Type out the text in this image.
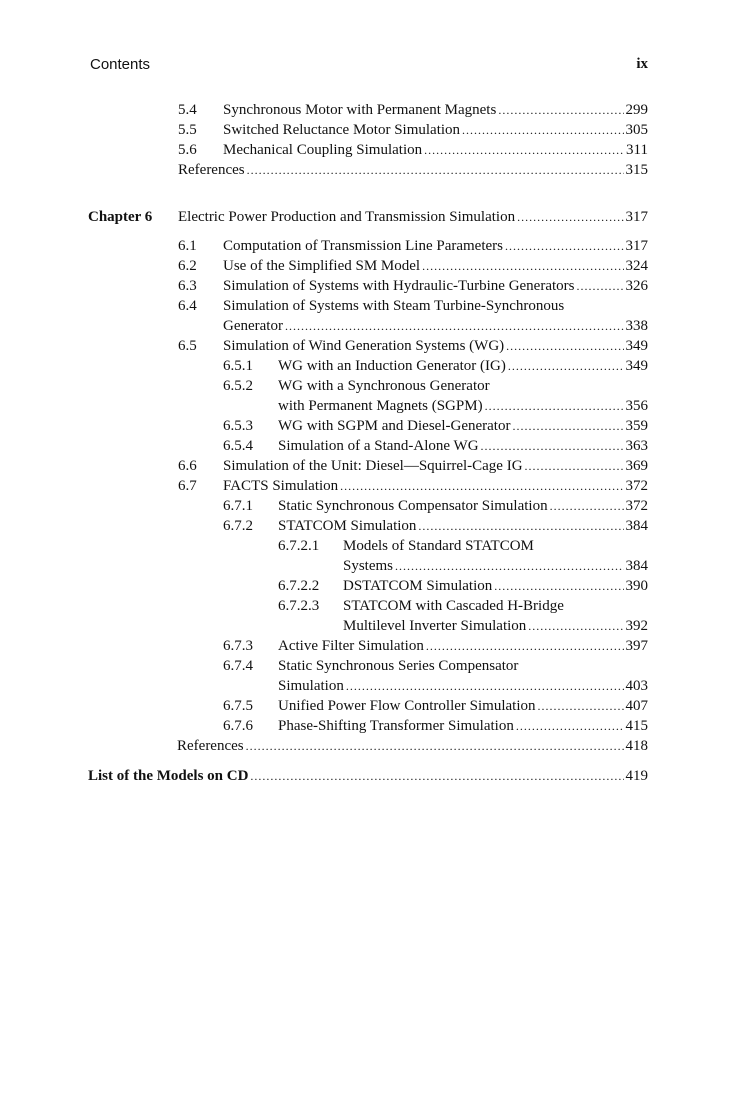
Contents	ix
5.4 Synchronous Motor with Permanent Magnets .....	299
5.5 Switched Reluctance Motor Simulation .....	305
5.6 Mechanical Coupling Simulation .....	311
References .....	315
Chapter 6 Electric Power Production and Transmission Simulation .....	317
6.1 Computation of Transmission Line Parameters .....	317
6.2 Use of the Simplified SM Model .....	324
6.3 Simulation of Systems with Hydraulic-Turbine Generators .....	326
6.4 Simulation of Systems with Steam Turbine-Synchronous
Generator .....	338
6.5 Simulation of Wind Generation Systems (WG) .....	349
6.5.1 WG with an Induction Generator (IG) .....	349
6.5.2 WG with a Synchronous Generator
with Permanent Magnets (SGPM) .....	356
6.5.3 WG with SGPM and Diesel-Generator .....	359
6.5.4 Simulation of a Stand-Alone WG .....	363
6.6 Simulation of the Unit: Diesel—Squirrel-Cage IG .....	369
6.7 FACTS Simulation .....	372
6.7.1 Static Synchronous Compensator Simulation .....	372
6.7.2 STATCOM Simulation .....	384
6.7.2.1 Models of Standard STATCOM
Systems .....	384
6.7.2.2 DSTATCOM Simulation .....	390
6.7.2.3 STATCOM with Cascaded H-Bridge
Multilevel Inverter Simulation .....	392
6.7.3 Active Filter Simulation .....	397
6.7.4 Static Synchronous Series Compensator
Simulation .....	403
6.7.5 Unified Power Flow Controller Simulation .....	407
6.7.6 Phase-Shifting Transformer Simulation .....	415
References .....	418
List of the Models on CD .....	419
